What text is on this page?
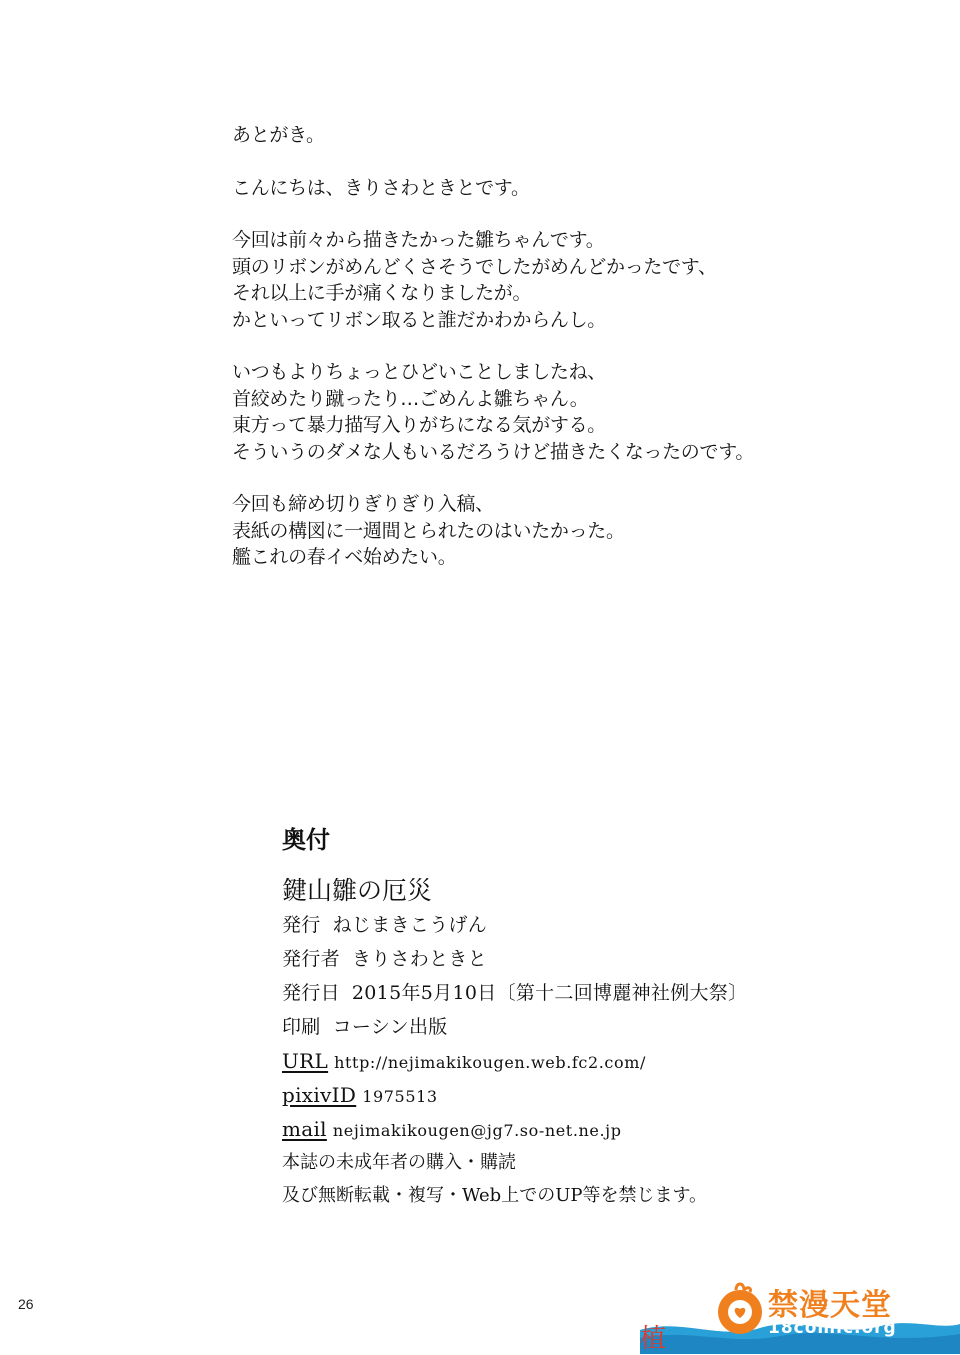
あとがき。
こんにちは、きりさわときとです。
今回は前々から描きたかった雛ちゃんです。
頭のリボンがめんどくさそうでしたがめんどかったです、
それ以上に手が痛くなりましたが。
かといってリボン取ると誰だかわからんし。
いつもよりちょっとひどいことしましたね、
首絞めたり蹴ったり…ごめんよ雛ちゃん。
東方って暴力描写入りがちになる気がする。
そういうのダメな人もいるだろうけど描きたくなったのです。
今回も締め切りぎりぎり入稿、
表紙の構図に一週間とられたのはいたかった。
艦これの春イベ始めたい。
奥付
鍵山雛の厄災
発行 ねじまきこうげん
発行者 きりさわときと
発行日 2015年5月10日〔第十二回博麗神社例大祭〕
印刷 コーシン出版
URL http://nejimakikougen.web.fc2.com/
pixivID 1975513
mail nejimakikougen@jg7.so-net.ne.jp
本誌の未成年者の購入・購読
及び無断転載・複写・Web上でのUP等を禁じます。
26
植
禁漫天堂
18comic.org
